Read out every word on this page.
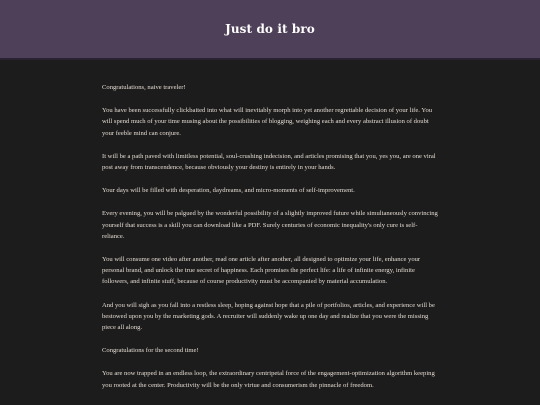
Just do it bro

Congratulations, naive traveler!

You have been successfully clickbaited into what will inevitably morph into yet another regrettable decision of your life. You will spend much of your time musing about the possibilities of blogging, weighing each and every abstract illusion of doubt your feeble mind can conjure.

It will be a path paved with limitless potential, soul-crushing indecision, and articles promising that you, yes you, are one viral post away from transcendence, because obviously your destiny is entirely in your hands.

Your days will be filled with desperation, daydreams, and micro-moments of self-improvement.

Every evening, you will be palgued by the wonderful possibility of a slightly improved future while simultaneously convincing yourself that success is a skill you can download like a PDF. Surely centuries of economic inequality's only cure is self-reliance.

You will consume one video after another, read one article after another, all designed to optimize your life, enhance your personal brand, and unlock the true secret of happiness. Each promises the perfect life: a life of infinite energy, infinite followers, and infinite stuff, because of course productivity must be accompanied by material accumulation.

And you will sigh as you fall into a restless sleep, hoping against hope that a pile of portfolios, articles, and experience will be bestowed upon you by the marketing gods. A recruiter will suddenly wake up one day and realize that you were the missing piece all along.

Congratulations for the second time!

You are now trapped in an endless loop, the extraordinary centripetal force of the engagement-optimization algorithm keeping you rooted at the center. Productivity will be the only virtue and consumerism the pinnacle of freedom.
